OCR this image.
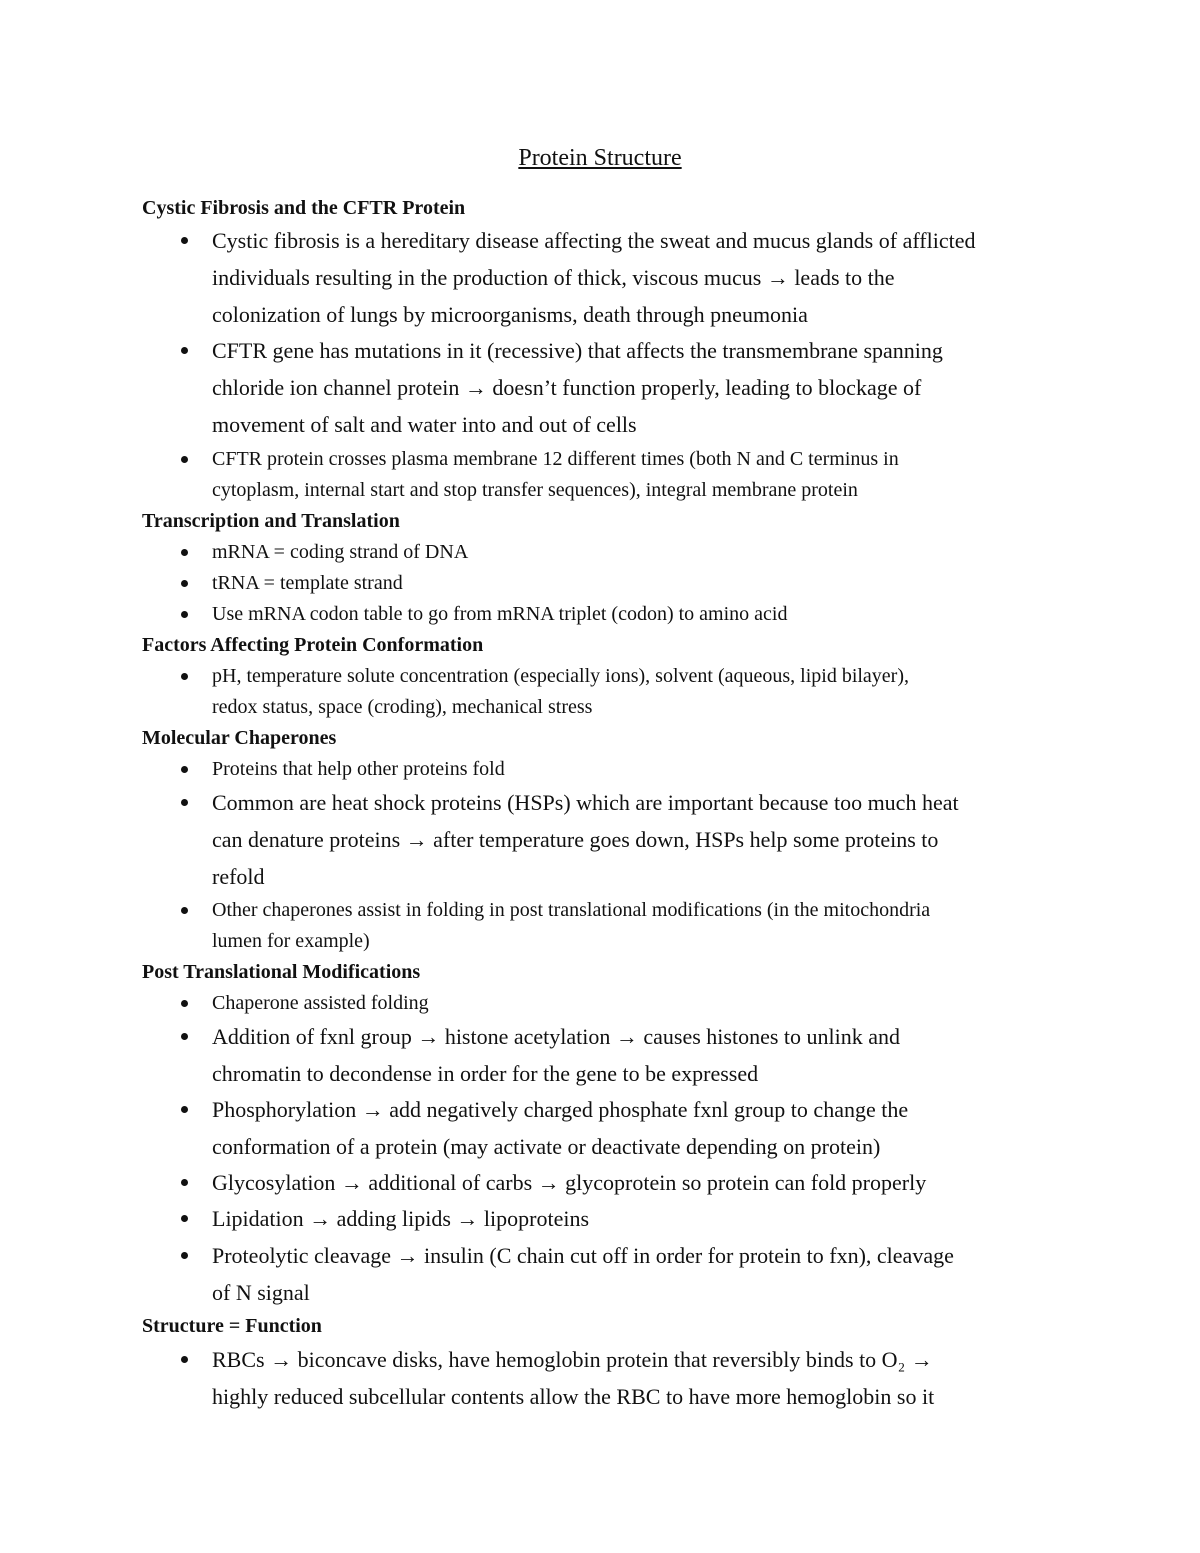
Protein Structure
Cystic Fibrosis and the CFTR Protein
Cystic fibrosis is a hereditary disease affecting the sweat and mucus glands of afflicted
individuals resulting in the production of thick, viscous mucus → leads to the
colonization of lungs by microorganisms, death through pneumonia
CFTR gene has mutations in it (recessive) that affects the transmembrane spanning
chloride ion channel protein → doesn’t function properly, leading to blockage of
movement of salt and water into and out of cells
CFTR protein crosses plasma membrane 12 different times (both N and C terminus in
cytoplasm, internal start and stop transfer sequences), integral membrane protein
Transcription and Translation
mRNA = coding strand of DNA
tRNA = template strand
Use mRNA codon table to go from mRNA triplet (codon) to amino acid
Factors Affecting Protein Conformation
pH, temperature solute concentration (especially ions), solvent (aqueous, lipid bilayer),
redox status, space (croding), mechanical stress
Molecular Chaperones
Proteins that help other proteins fold
Common are heat shock proteins (HSPs) which are important because too much heat
can denature proteins → after temperature goes down, HSPs help some proteins to
refold
Other chaperones assist in folding in post translational modifications (in the mitochondria
lumen for example)
Post Translational Modifications
Chaperone assisted folding
Addition of fxnl group → histone acetylation → causes histones to unlink and
chromatin to decondense in order for the gene to be expressed
Phosphorylation → add negatively charged phosphate fxnl group to change the
conformation of a protein (may activate or deactivate depending on protein)
Glycosylation → additional of carbs → glycoprotein so protein can fold properly
Lipidation → adding lipids → lipoproteins
Proteolytic cleavage → insulin (C chain cut off in order for protein to fxn), cleavage
of N signal
Structure = Function
RBCs → biconcave disks, have hemoglobin protein that reversibly binds to O₂ →
highly reduced subcellular contents allow the RBC to have more hemoglobin so it
